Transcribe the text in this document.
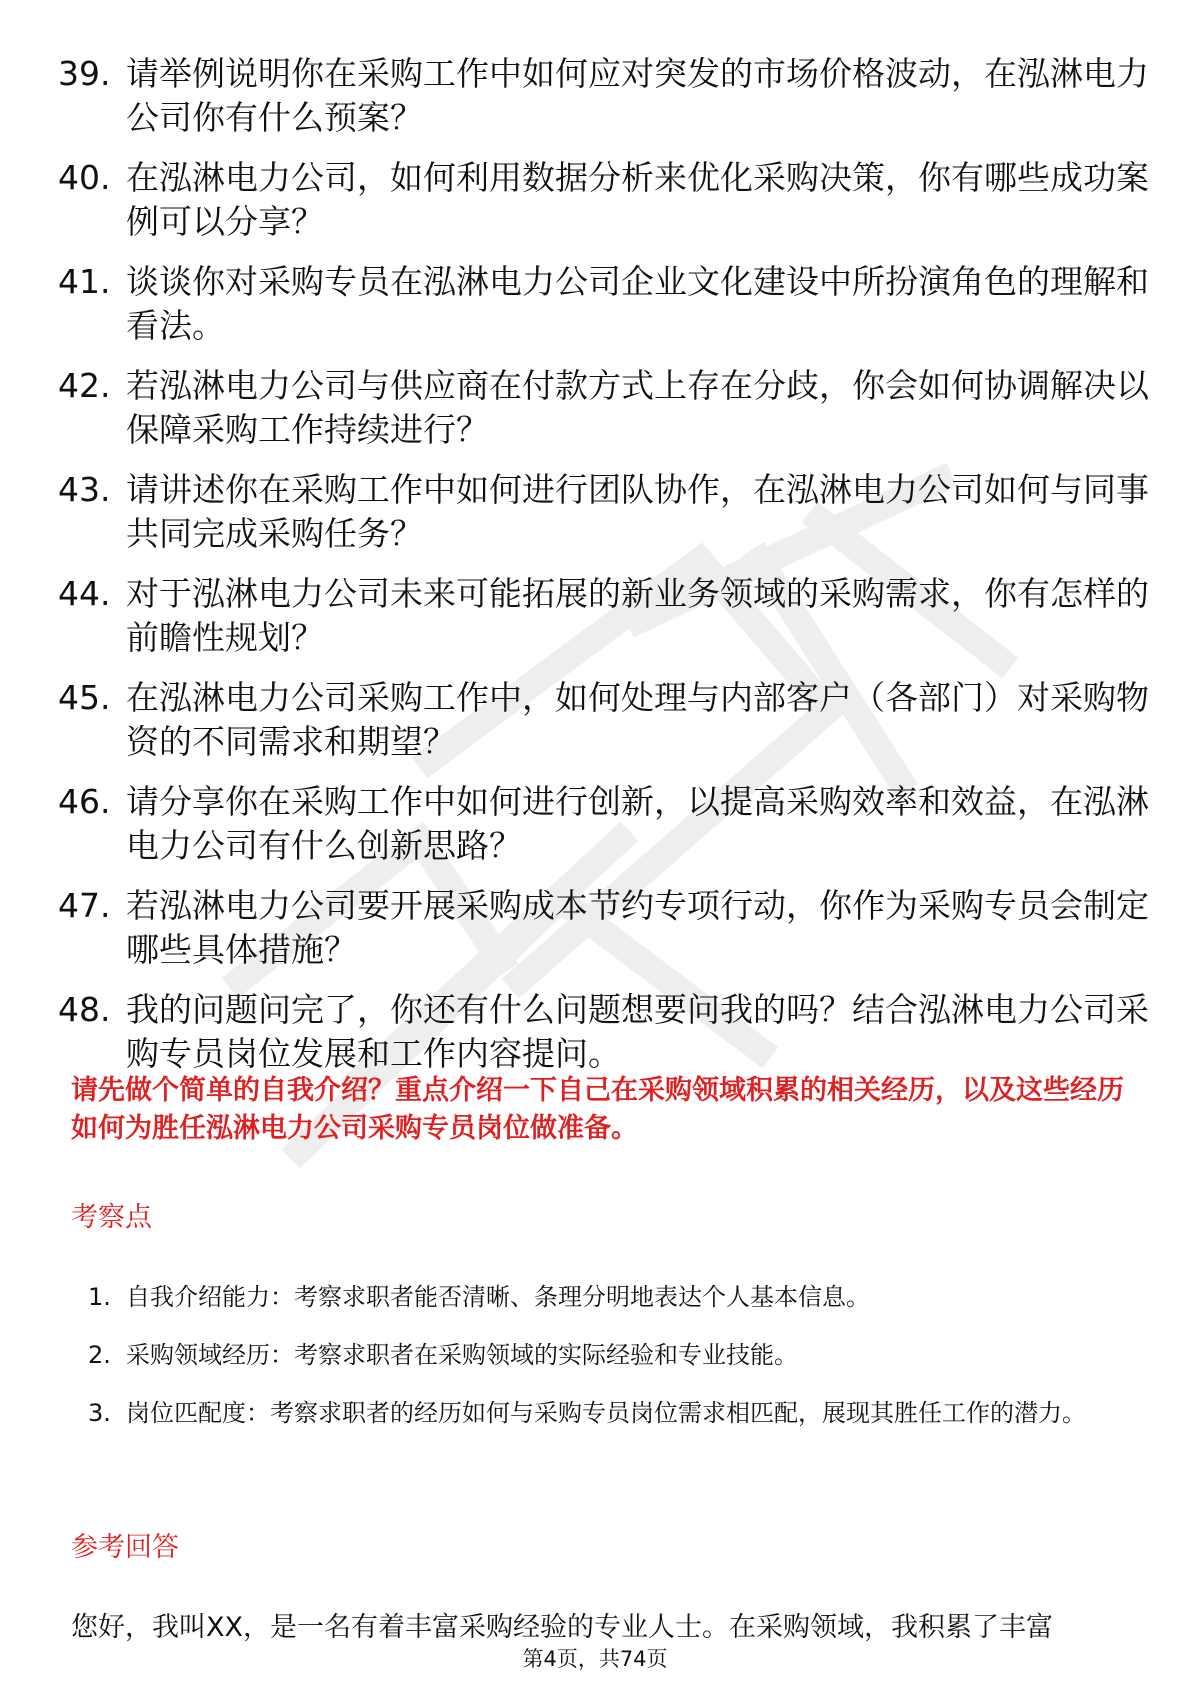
39. 请举例说明你在采购工作中如何应对突发的市场价格波动，在泓淋电力公司你有什么预案？
40. 在泓淋电力公司，如何利用数据分析来优化采购决策，你有哪些成功案例可以分享？
41. 谈谈你对采购专员在泓淋电力公司企业文化建设中所扮演角色的理解和看法。
42. 若泓淋电力公司与供应商在付款方式上存在分歧，你会如何协调解决以保障采购工作持续进行？
43. 请讲述你在采购工作中如何进行团队协作，在泓淋电力公司如何与同事共同完成采购任务？
44. 对于泓淋电力公司未来可能拓展的新业务领域的采购需求，你有怎样的前瞻性规划？
45. 在泓淋电力公司采购工作中，如何处理与内部客户（各部门）对采购物资的不同需求和期望？
46. 请分享你在采购工作中如何进行创新，以提高采购效率和效益，在泓淋电力公司有什么创新思路？
47. 若泓淋电力公司要开展采购成本节约专项行动，你作为采购专员会制定哪些具体措施？
48. 我的问题问完了，你还有什么问题想要问我的吗？结合泓淋电力公司采购专员岗位发展和工作内容提问。
请先做个简单的自我介绍？重点介绍一下自己在采购领域积累的相关经历，以及这些经历如何为胜任泓淋电力公司采购专员岗位做准备。
考察点
1. 自我介绍能力：考察求职者能否清晰、条理分明地表达个人基本信息。
2. 采购领域经历：考察求职者在采购领域的实际经验和专业技能。
3. 岗位匹配度：考察求职者的经历如何与采购专员岗位需求相匹配，展现其胜任工作的潜力。
参考回答
您好，我叫XX，是一名有着丰富采购经验的专业人士。在采购领域，我积累了丰富
第4页，共74页
